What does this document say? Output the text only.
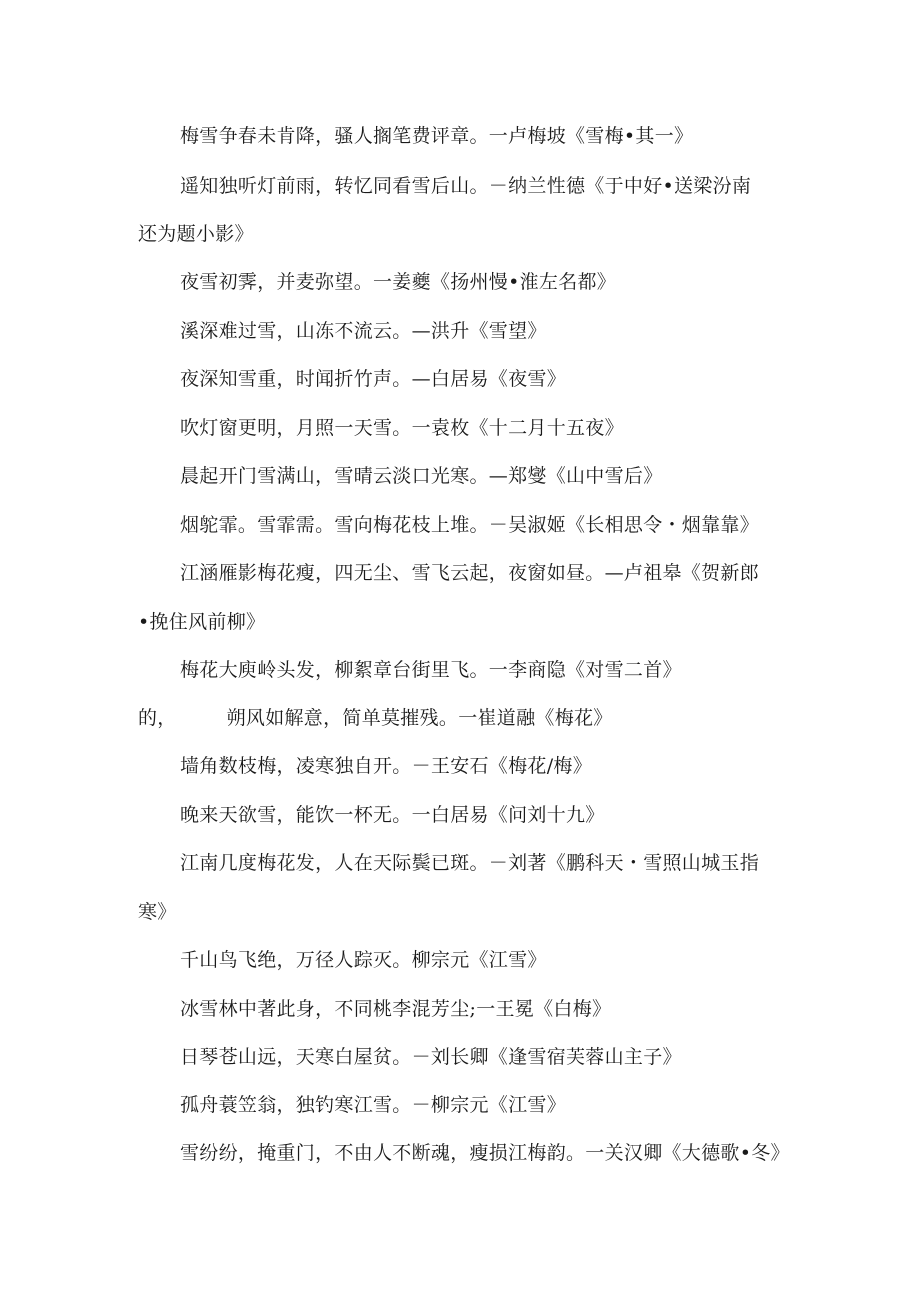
梅雪争春未肯降，骚人搁笔费评章。一卢梅坡《雪梅•其一》
遥知独听灯前雨，转忆同看雪后山。－纳兰性德《于中好•送梁汾南
还为题小影》
夜雪初霁，并麦弥望。一姜夔《扬州慢•淮左名都》
溪深难过雪，山冻不流云。—洪升《雪望》
夜深知雪重，时闻折竹声。—白居易《夜雪》
吹灯窗更明，月照一天雪。一袁枚《十二月十五夜》
晨起开门雪满山，雪晴云淡口光寒。—郑燮《山中雪后》
烟鸵霏。雪霏需。雪向梅花枝上堆。－吴淑姬《长相思令・烟靠靠》
江涵雁影梅花瘦，四无尘、雪飞云起，夜窗如昼。—卢祖皋《贺新郎
•挽住风前柳》
梅花大庾岭头发，柳絮章台街里飞。一李商隐《对雪二首》
的，	朔风如解意，简单莫摧残。一崔道融《梅花》
墙角数枝梅，凌寒独自开。－王安石《梅花/梅》
晚来天欲雪，能饮一杯无。一白居易《问刘十九》
江南几度梅花发，人在天际鬓已斑。－刘著《鹏科天・雪照山城玉指
寒》
千山鸟飞绝，万径人踪灭。柳宗元《江雪》
冰雪林中著此身，不同桃李混芳尘;一王冕《白梅》
日琴苍山远，天寒白屋贫。－刘长卿《逢雪宿芙蓉山主子》
孤舟蓑笠翁，独钓寒江雪。－柳宗元《江雪》
雪纷纷，掩重门，不由人不断魂，瘦损江梅韵。一关汉卿《大德歌•冬》
